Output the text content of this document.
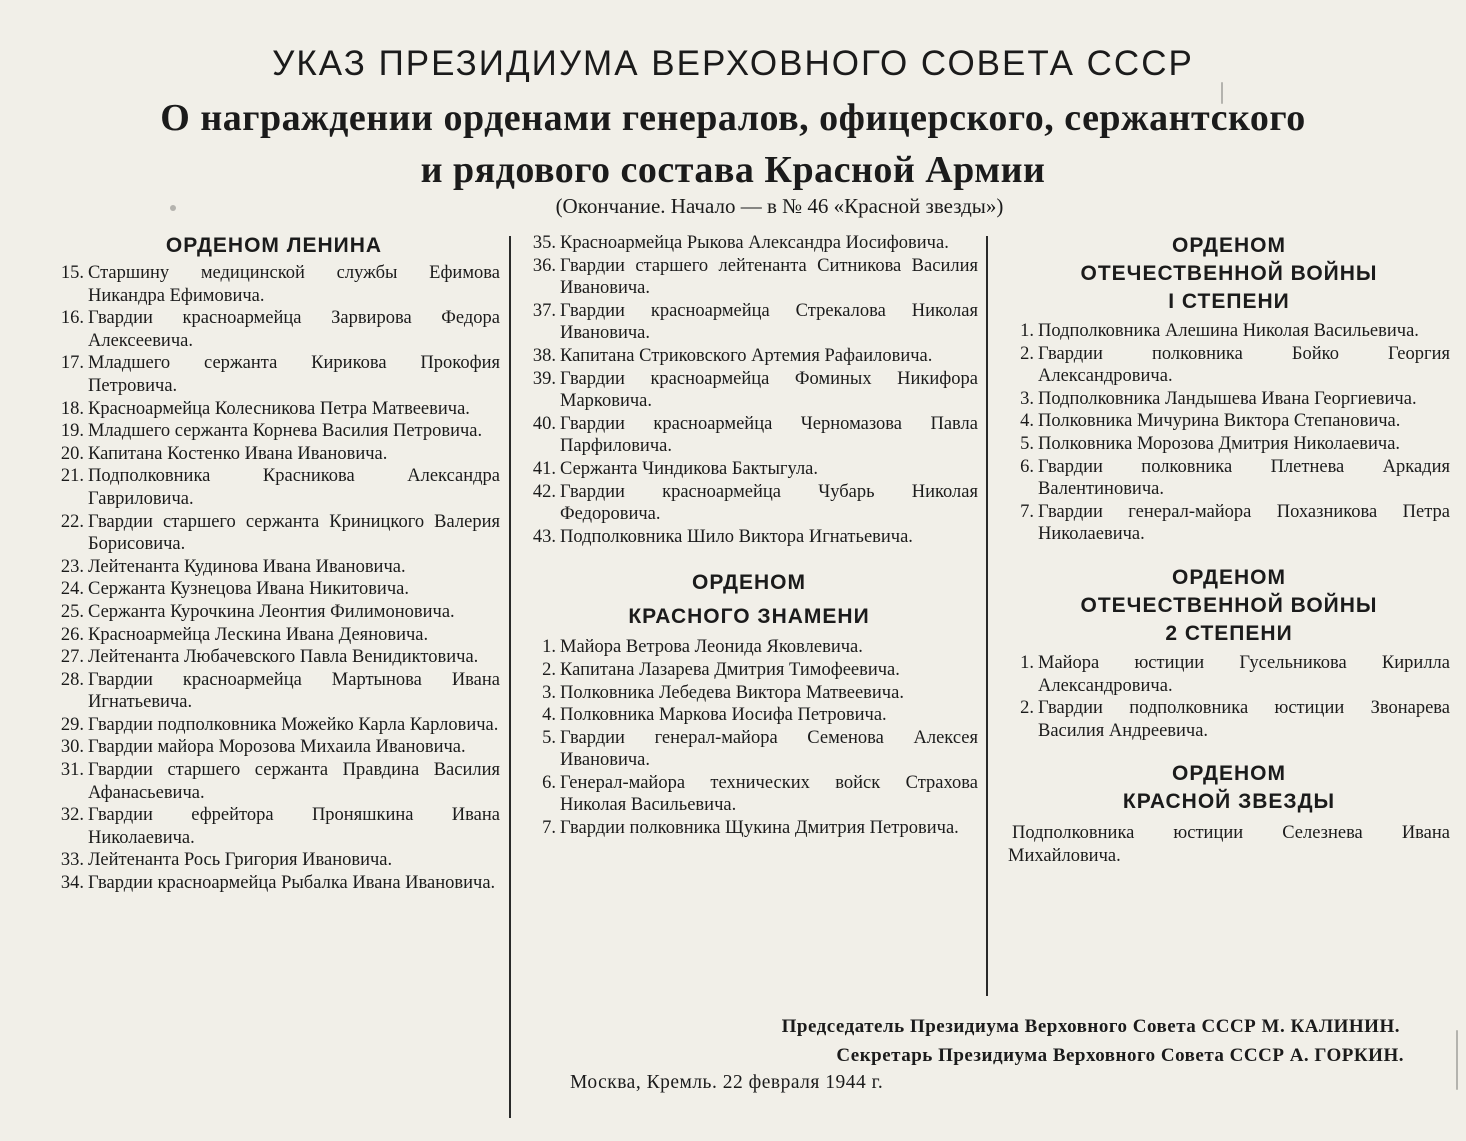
УКАЗ ПРЕЗИДИУМА ВЕРХОВНОГО СОВЕТА СССР
О награждении орденами генералов, офицерского, сержантского
и рядового состава Красной Армии
(Окончание. Начало — в № 46 «Красной звезды»)
ОРДЕНОМ ЛЕНИНА
15. Старшину медицинской службы Ефимова Никандра Ефимовича.
16. Гвардии красноармейца Зарвирова Федора Алексеевича.
17. Младшего сержанта Кирикова Прокофия Петровича.
18. Красноармейца Колесникова Петра Матвеевича.
19. Младшего сержанта Корнева Василия Петровича.
20. Капитана Костенко Ивана Ивановича.
21. Подполковника Красникова Александра Гавриловича.
22. Гвардии старшего сержанта Криницкого Валерия Борисовича.
23. Лейтенанта Кудинова Ивана Ивановича.
24. Сержанта Кузнецова Ивана Никитовича.
25. Сержанта Курочкина Леонтия Филимоновича.
26. Красноармейца Лескина Ивана Деяновича.
27. Лейтенанта Любачевского Павла Венидиктовича.
28. Гвардии красноармейца Мартынова Ивана Игнатьевича.
29. Гвардии подполковника Можейко Карла Карловича.
30. Гвардии майора Морозова Михаила Ивановича.
31. Гвардии старшего сержанта Правдина Василия Афанасьевича.
32. Гвардии ефрейтора Проняшкина Ивана Николаевича.
33. Лейтенанта Рось Григория Ивановича.
34. Гвардии красноармейца Рыбалка Ивана Ивановича.
35. Красноармейца Рыкова Александра Иосифовича.
36. Гвардии старшего лейтенанта Ситникова Василия Ивановича.
37. Гвардии красноармейца Стрекалова Николая Ивановича.
38. Капитана Стриковского Артемия Рафаиловича.
39. Гвардии красноармейца Фоминых Никифора Марковича.
40. Гвардии красноармейца Черномазова Павла Парфиловича.
41. Сержанта Чиндикова Бактыгула.
42. Гвардии красноармейца Чубарь Николая Федоровича.
43. Подполковника Шило Виктора Игнатьевича.
ОРДЕНОМ
КРАСНОГО ЗНАМЕНИ
1. Майора Ветрова Леонида Яковлевича.
2. Капитана Лазарева Дмитрия Тимофеевича.
3. Полковника Лебедева Виктора Матвеевича.
4. Полковника Маркова Иосифа Петровича.
5. Гвардии генерал-майора Семенова Алексея Ивановича.
6. Генерал-майора технических войск Страхова Николая Васильевича.
7. Гвардии полковника Щукина Дмитрия Петровича.
ОРДЕНОМ
ОТЕЧЕСТВЕННОЙ ВОЙНЫ
I СТЕПЕНИ
1. Подполковника Алешина Николая Васильевича.
2. Гвардии полковника Бойко Георгия Александровича.
3. Подполковника Ландышева Ивана Георгиевича.
4. Полковника Мичурина Виктора Степановича.
5. Полковника Морозова Дмитрия Николаевича.
6. Гвардии полковника Плетнева Аркадия Валентиновича.
7. Гвардии генерал-майора Похазникова Петра Николаевича.
ОРДЕНОМ
ОТЕЧЕСТВЕННОЙ ВОЙНЫ
2 СТЕПЕНИ
1. Майора юстиции Гусельникова Кирилла Александровича.
2. Гвардии подполковника юстиции Звонарева Василия Андреевича.
ОРДЕНОМ
КРАСНОЙ ЗВЕЗДЫ
Подполковника юстиции Селезнева Ивана Михайловича.
Председатель Президиума Верховного Совета СССР М. КАЛИНИН.
Секретарь Президиума Верховного Совета СССР А. ГОРКИН.
Москва, Кремль. 22 февраля 1944 г.
